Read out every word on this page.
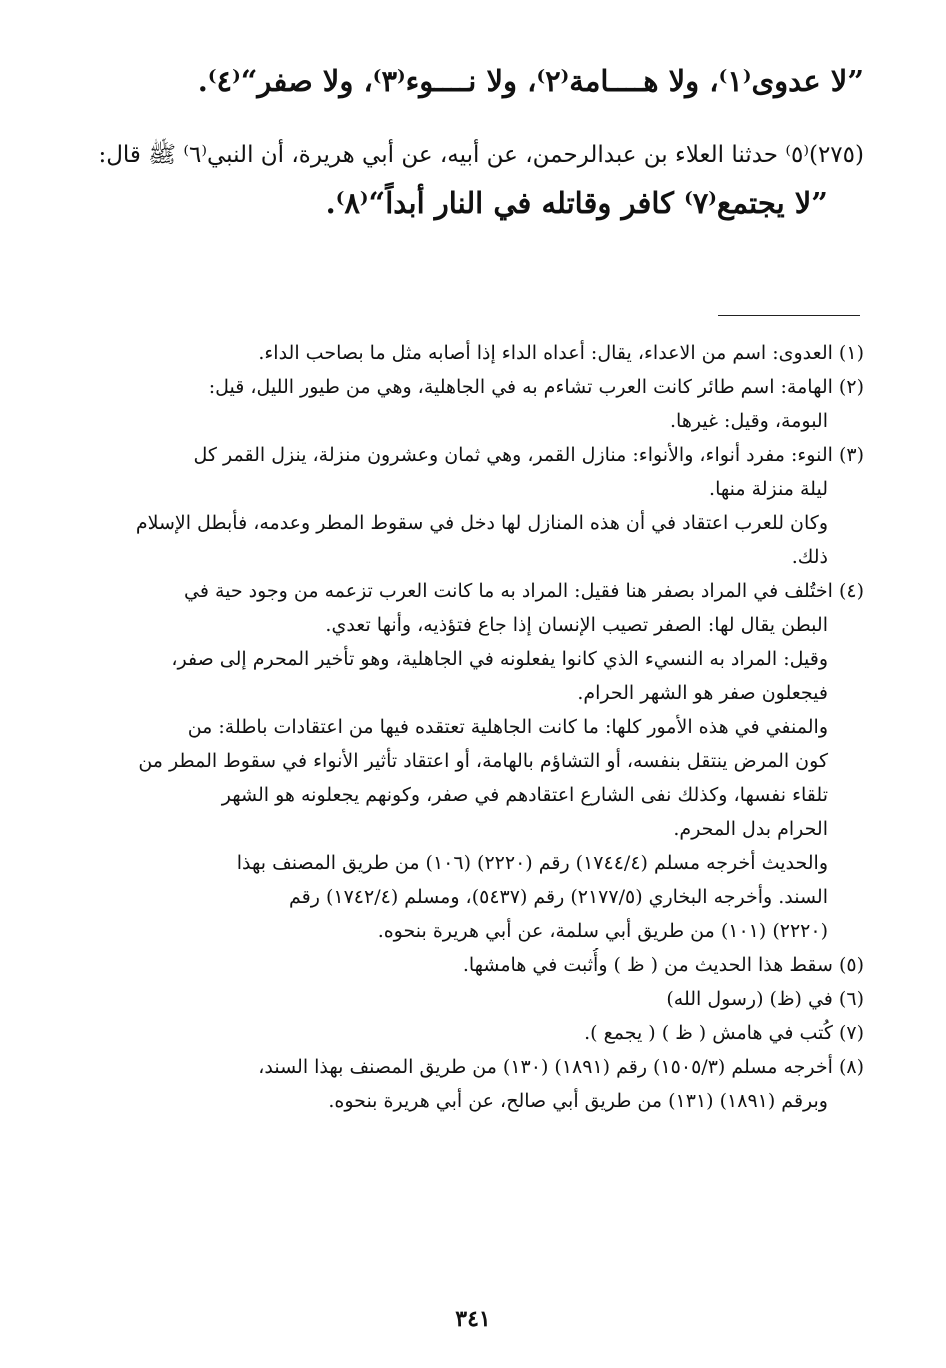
”لا عدوى⁽١⁾، ولا هــــامة⁽٢⁾، ولا نــــوء⁽٣⁾، ولا صفر“⁽٤⁾.
(٢٧٥)⁽٥⁾ حدثنا العلاء بن عبدالرحمن، عن أبيه، عن أبي هريرة، أن النبي⁽٦⁾ ﷺ قال:
”لا يجتمع⁽٧⁾ كافر وقاتله في النار أبداً“⁽٨⁾.
(١) العدوى: اسم من الاعداء، يقال: أعداه الداء إذا أصابه مثل ما بصاحب الداء.
(٢) الهامة: اسم طائر كانت العرب تشاءم به في الجاهلية، وهي من طيور الليل، قيل:
البومة، وقيل: غيرها.
(٣) النوء: مفرد أنواء، والأنواء: منازل القمر، وهي ثمان وعشرون منزلة، ينزل القمر كل
ليلة منزلة منها.
وكان للعرب اعتقاد في أن هذه المنازل لها دخل في سقوط المطر وعدمه، فأبطل الإسلام
ذلك.
(٤) اختُلف في المراد بصفر هنا فقيل: المراد به ما كانت العرب تزعمه من وجود حية في
البطن يقال لها: الصفر تصيب الإنسان إذا جاع فتؤذيه، وأنها تعدي.
وقيل: المراد به النسيء الذي كانوا يفعلونه في الجاهلية، وهو تأخير المحرم إلى صفر،
فيجعلون صفر هو الشهر الحرام.
والمنفي في هذه الأمور كلها: ما كانت الجاهلية تعتقده فيها من اعتقادات باطلة: من
كون المرض ينتقل بنفسه، أو التشاؤم بالهامة، أو اعتقاد تأثير الأنواء في سقوط المطر من
تلقاء نفسها، وكذلك نفى الشارع اعتقادهم في صفر، وكونهم يجعلونه هو الشهر
الحرام بدل المحرم.
والحديث أخرجه مسلم (١٧٤٤/٤) رقم (٢٢٢٠) (١٠٦) من طريق المصنف بهذا
السند. وأخرجه البخاري (٢١٧٧/٥) رقم (٥٤٣٧)، ومسلم (١٧٤٢/٤) رقم
(٢٢٢٠) (١٠١) من طريق أبي سلمة، عن أبي هريرة بنحوه.
(٥) سقط هذا الحديث من ( ظ ) وأُثبت في هامشها.
(٦) في (ظ) (رسول الله)
(٧) كُتب في هامش ( ظ ) ( يجمع ).
(٨) أخرجه مسلم (١٥٠٥/٣) رقم (١٨٩١) (١٣٠) من طريق المصنف بهذا السند،
وبرقم (١٨٩١) (١٣١) من طريق أبي صالح، عن أبي هريرة بنحوه.
٣٤١
